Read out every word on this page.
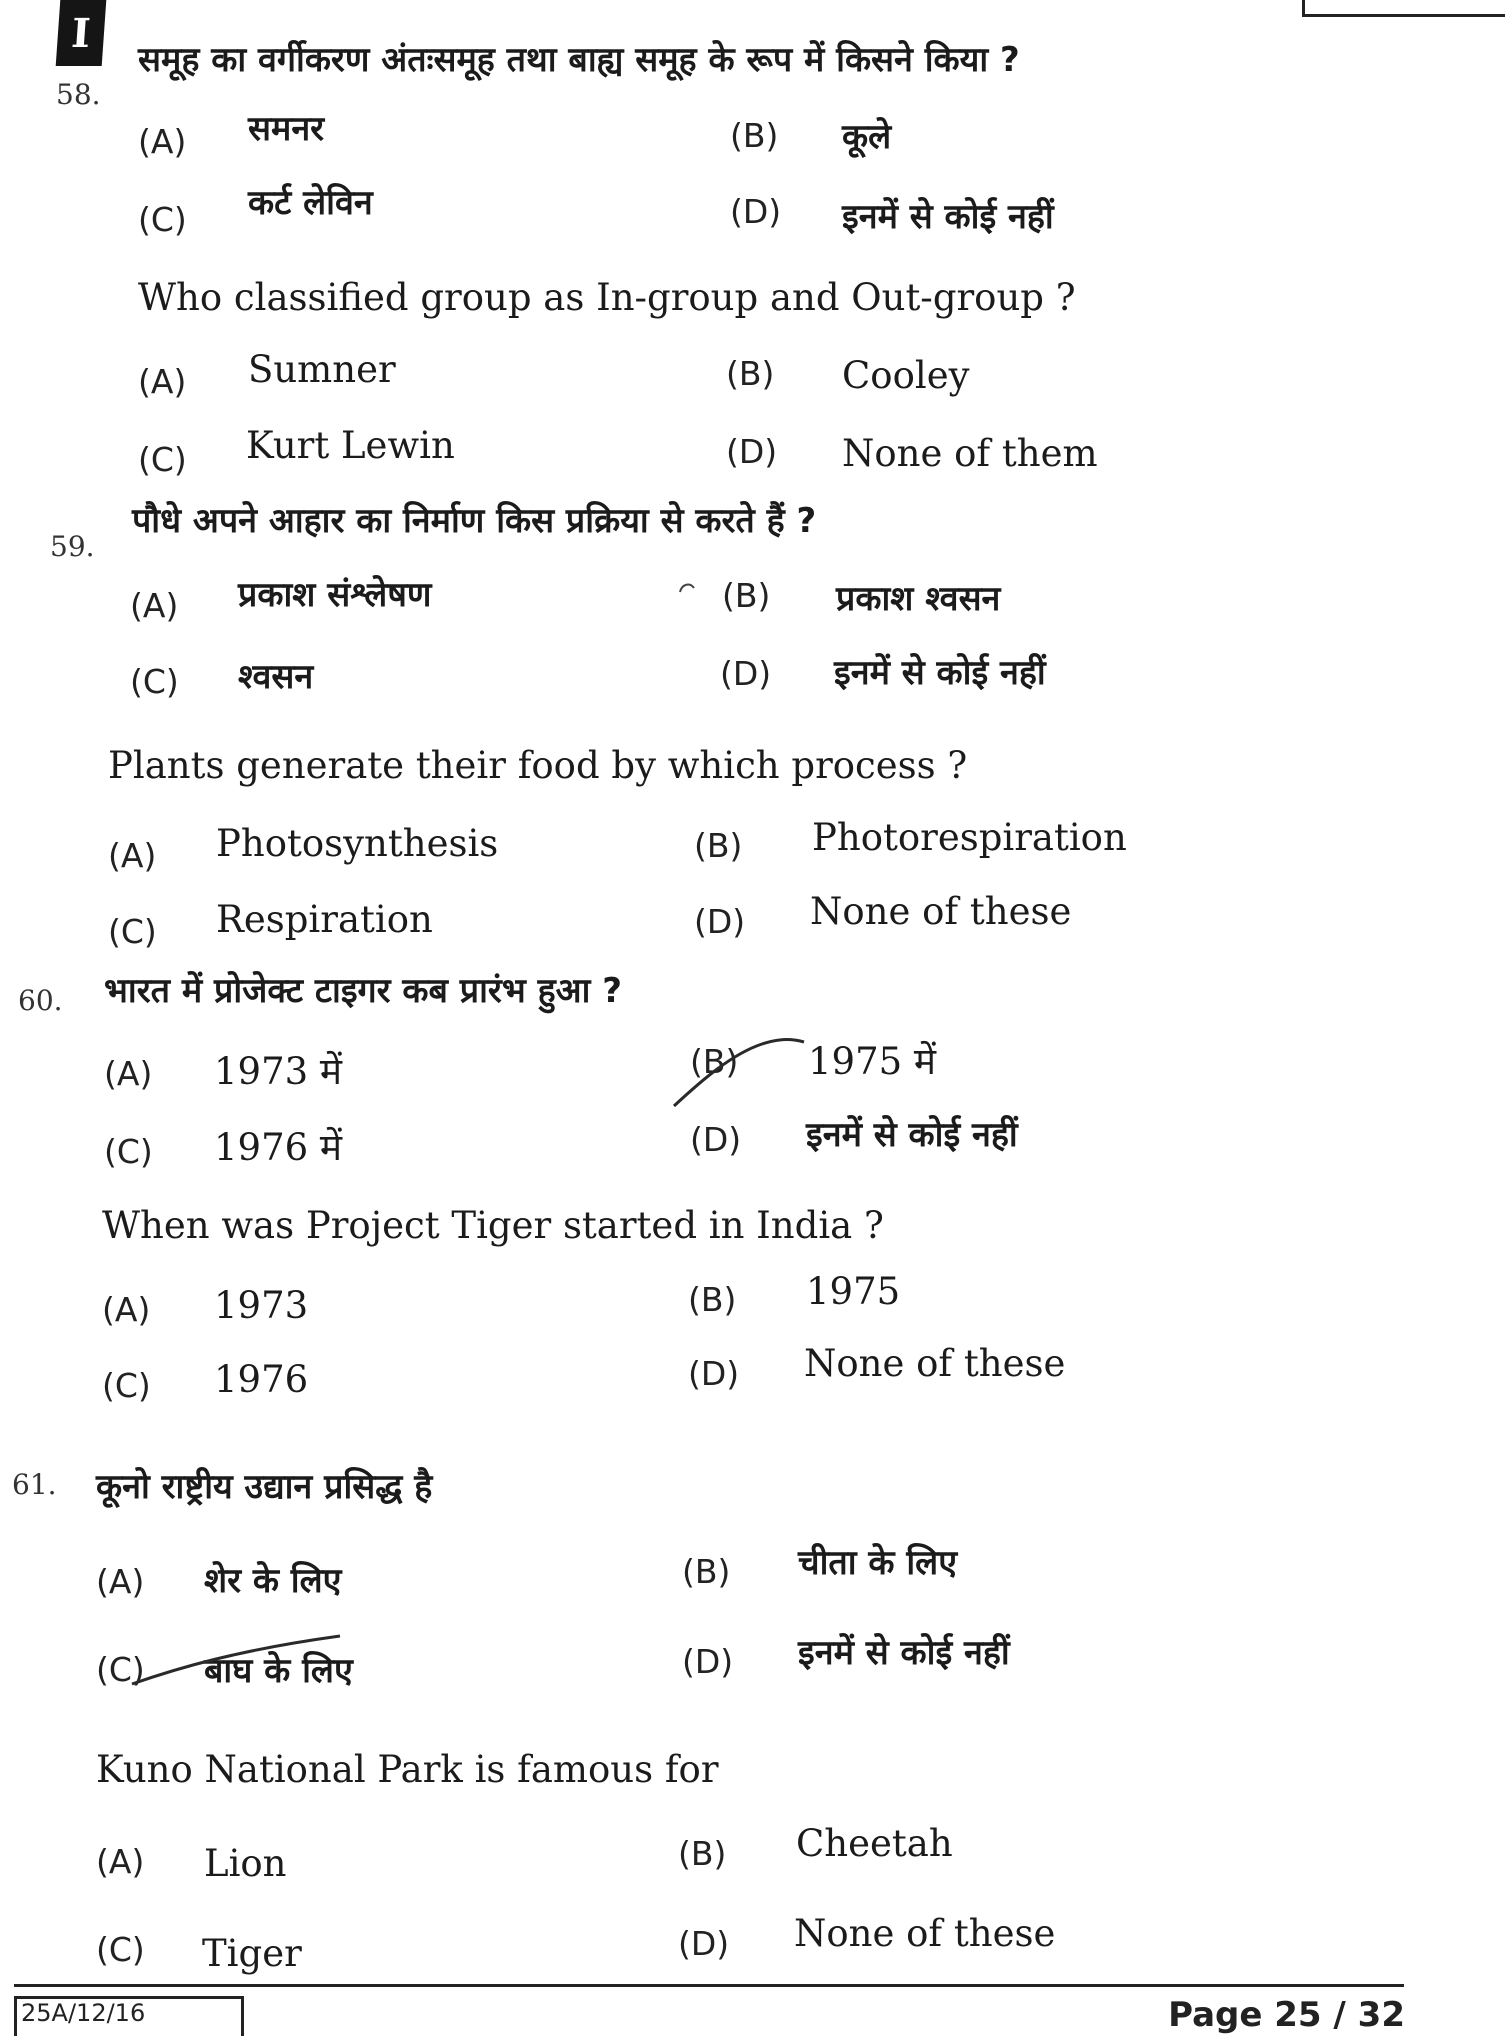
I
58.
समूह का वर्गीकरण अंतःसमूह तथा बाह्य समूह के रूप में किसने किया ?
(A) समनर	(B) कूले
(C) कर्ट लेविन	(D) इनमें से कोई नहीं
Who classified group as In-group and Out-group ?
(A) Sumner	(B) Cooley
(C) Kurt Lewin	(D) None of them
59.
पौधे अपने आहार का निर्माण किस प्रक्रिया से करते हैं ?
(A) प्रकाश संश्लेषण	(B) प्रकाश श्वसन
(C) श्वसन	(D) इनमें से कोई नहीं
Plants generate their food by which process ?
(A) Photosynthesis	(B) Photorespiration
(C) Respiration	(D) None of these
60. भारत में प्रोजेक्ट टाइगर कब प्रारंभ हुआ ?
(A) 1973 में	(B) 1975 में
(C) 1976 में	(D) इनमें से कोई नहीं
When was Project Tiger started in India ?
(A) 1973	(B) 1975
(C) 1976	(D) None of these
61. कूनो राष्ट्रीय उद्यान प्रसिद्ध है
(A) शेर के लिए	(B) चीता के लिए
(C) बाघ के लिए	(D) इनमें से कोई नहीं
Kuno National Park is famous for
(A) Lion	(B) Cheetah
(C) Tiger	(D) None of these
25A/12/16	Page 25 / 32
